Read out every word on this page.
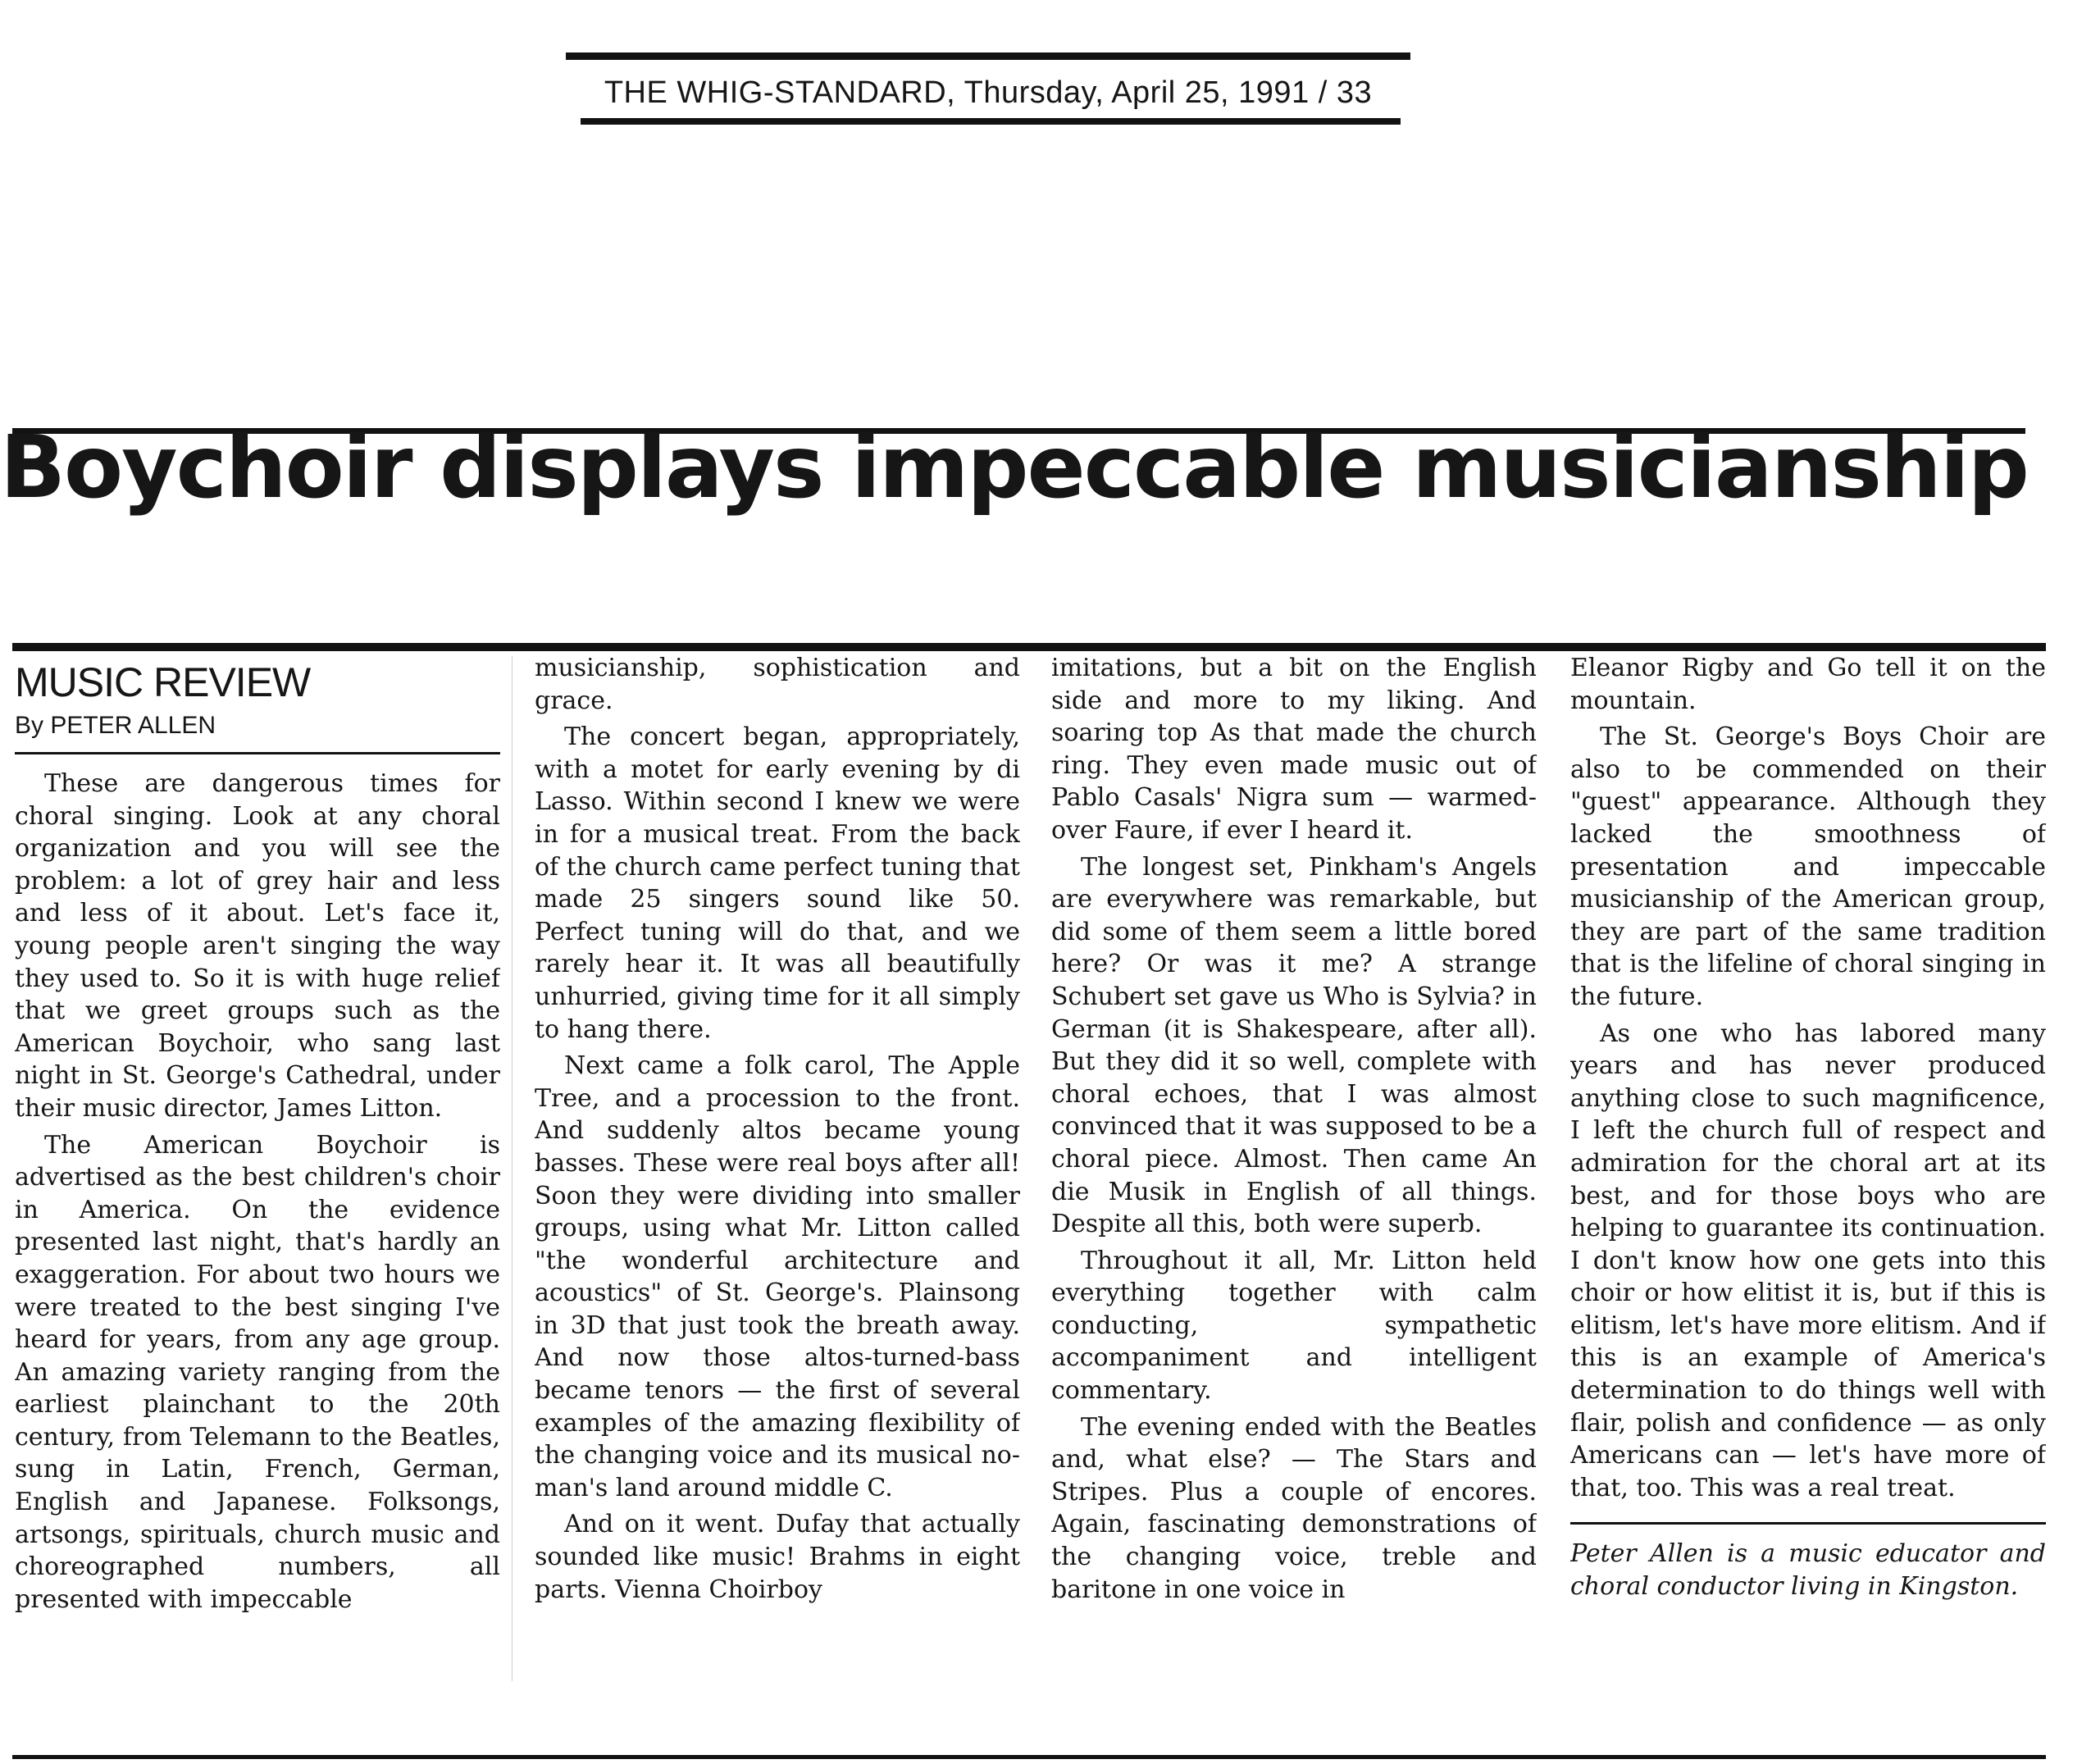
THE WHIG-STANDARD, Thursday, April 25, 1991 / 33
Boychoir displays impeccable musicianship
MUSIC REVIEW
By PETER ALLEN

These are dangerous times for choral singing. Look at any choral organization and you will see the problem: a lot of grey hair and less and less of it about. Let's face it, young people aren't singing the way they used to. So it is with huge relief that we greet groups such as the American Boychoir, who sang last night in St. George's Cathedral, under their music director, James Litton.

The American Boychoir is advertised as the best children's choir in America. On the evidence presented last night, that's hardly an exaggeration. For about two hours we were treated to the best singing I've heard for years, from any age group. An amazing variety ranging from the earliest plainchant to the 20th century, from Telemann to the Beatles, sung in Latin, French, German, English and Japanese. Folksongs, artsongs, spirituals, church music and choreographed numbers, all presented with impeccable

musicianship, sophistication and grace.

The concert began, appropriately, with a motet for early evening by di Lasso. Within second I knew we were in for a musical treat. From the back of the church came perfect tuning that made 25 singers sound like 50. Perfect tuning will do that, and we rarely hear it. It was all beautifully unhurried, giving time for it all simply to hang there.

Next came a folk carol, The Apple Tree, and a procession to the front. And suddenly altos became young basses. These were real boys after all! Soon they were dividing into smaller groups, using what Mr. Litton called "the wonderful architecture and acoustics" of St. George's. Plainsong in 3D that just took the breath away. And now those altos-turned-bass became tenors — the first of several examples of the amazing flexibility of the changing voice and its musical no-man's land around middle C.

And on it went. Dufay that actually sounded like music! Brahms in eight parts. Vienna Choirboy

imitations, but a bit on the English side and more to my liking. And soaring top As that made the church ring. They even made music out of Pablo Casals' Nigra sum — warmed-over Faure, if ever I heard it.

The longest set, Pinkham's Angels are everywhere was remarkable, but did some of them seem a little bored here? Or was it me? A strange Schubert set gave us Who is Sylvia? in German (it is Shakespeare, after all). But they did it so well, complete with choral echoes, that I was almost convinced that it was supposed to be a choral piece. Almost. Then came An die Musik in English of all things. Despite all this, both were superb.

Throughout it all, Mr. Litton held everything together with calm conducting, sympathetic accompaniment and intelligent commentary.

The evening ended with the Beatles and, what else? — The Stars and Stripes. Plus a couple of encores. Again, fascinating demonstrations of the changing voice, treble and baritone in one voice in

Eleanor Rigby and Go tell it on the mountain.

The St. George's Boys Choir are also to be commended on their "guest" appearance. Although they lacked the smoothness of presentation and impeccable musicianship of the American group, they are part of the same tradition that is the lifeline of choral singing in the future.

As one who has labored many years and has never produced anything close to such magnificence, I left the church full of respect and admiration for the choral art at its best, and for those boys who are helping to guarantee its continuation. I don't know how one gets into this choir or how elitist it is, but if this is elitism, let's have more elitism. And if this is an example of America's determination to do things well with flair, polish and confidence — as only Americans can — let's have more of that, too. This was a real treat.

Peter Allen is a music educator and choral conductor living in Kingston.
